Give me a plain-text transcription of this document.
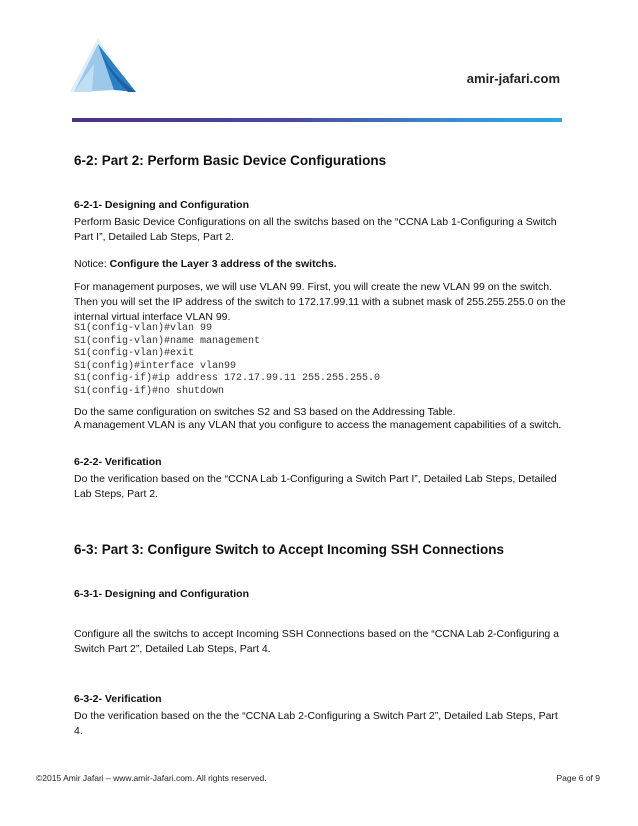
amir-jafari.com
6-2: Part 2: Perform Basic Device Configurations
6-2-1- Designing and Configuration
Perform Basic Device Configurations on all the switchs based on the “CCNA Lab 1-Configuring a Switch Part I”, Detailed Lab Steps, Part 2.
Notice: Configure the Layer 3 address of the switchs.
For management purposes, we will use VLAN 99. First, you will create the new VLAN 99 on the switch. Then you will set the IP address of the switch to 172.17.99.11 with a subnet mask of 255.255.255.0 on the internal virtual interface VLAN 99.
S1(config-vlan)#vlan 99
S1(config-vlan)#name management
S1(config-vlan)#exit
S1(config)#interface vlan99
S1(config-if)#ip address 172.17.99.11 255.255.255.0
S1(config-if)#no shutdown
Do the same configuration on switches S2 and S3 based on the Addressing Table.
A management VLAN is any VLAN that you configure to access the management capabilities of a switch.
6-2-2- Verification
Do the verification based on the “CCNA Lab 1-Configuring a Switch Part I”, Detailed Lab Steps, Detailed Lab Steps, Part 2.
6-3: Part 3: Configure Switch to Accept Incoming SSH Connections
6-3-1- Designing and Configuration
Configure all the switchs to accept Incoming SSH Connections based on the “CCNA Lab 2-Configuring a Switch Part 2”, Detailed Lab Steps, Part 4.
6-3-2- Verification
Do the verification based on the the “CCNA Lab 2-Configuring a Switch Part 2”, Detailed Lab Steps, Part 4.
©2015 Amir Jafari – www.amir-Jafari.com. All rights reserved.	Page 6 of 9
